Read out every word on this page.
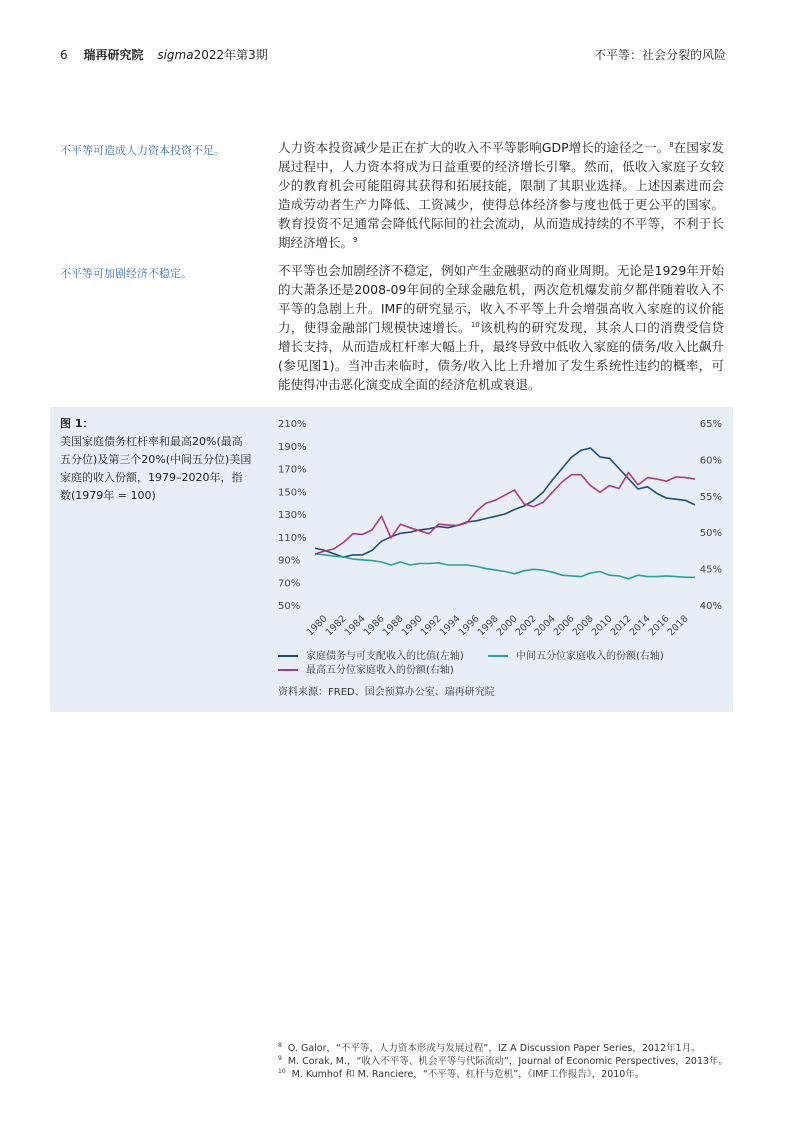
6 瑞再研究院 sigma2022年第3期	不平等：社会分裂的风险
不平等可造成人力资本投资不足。	人力资本投资减少是正在扩大的收入不平等影响GDP增长的途径之一。$^8$在国家发展过程中，人力资本将成为日益重要的经济增长引擎。然而，低收入家庭子女较少的教育机会可能阻碍其获得和拓展技能，限制了其职业选择。上述因素进而会造成劳动者生产力降低、工资减少，使得总体经济参与度也低于更公平的国家。教育投资不足通常会降低代际间的社会流动，从而造成持续的不平等，不利于长期经济增长。$^9$
不平等可加剧经济不稳定。	不平等也会加剧经济不稳定，例如产生金融驱动的商业周期。无论是1929年开始的大萧条还是2008-09年间的全球金融危机，两次危机爆发前夕都伴随着收入不平等的急剧上升。IMF的研究显示，收入不平等上升会增强高收入家庭的议价能力，使得金融部门规模快速增长。$^{10}$该机构的研究发现，其余人口的消费受信贷增长支持，从而造成杠杆率大幅上升，最终导致中低收入家庭的债务/收入比飙升(参见图1)。当冲击来临时，债务/收入比上升增加了发生系统性违约的概率，可能使得冲击恶化演变成全面的经济危机或衰退。
图 1：
美国家庭债务杠杆率和最高20%(最高五分位)及第三个20%(中间五分位)美国家庭的收入份额，1979–2020年，指数(1979年 = 100)
210%
190%
170%
150%
130%
110%
90%
70%
50%
65%
60%
55%
50%
45%
40%
1980
1982
1984
1986
1988
1990
1992
1994
1996
1998
2000
2002
2004
2006
2008
2010
2012
2014
2016
2018
家庭债务与可支配收入的比值(左轴)	中间五分位家庭收入的份额(右轴)
最高五分位家庭收入的份额(右轴)
资料来源：FRED、国会预算办公室、瑞再研究院
$^8$ O. Galor，“不平等、人力资本形成与发展过程”，IZ A Discussion Paper Series，2012年1月。
$^9$ M. Corak, M.，“收入不平等、机会平等与代际流动”，Journal of Economic Perspectives，2013年。
$^{10}$ M. Kumhof 和 M. Ranciere，“不平等、杠杆与危机”，《IMF工作报告》，2010年。
